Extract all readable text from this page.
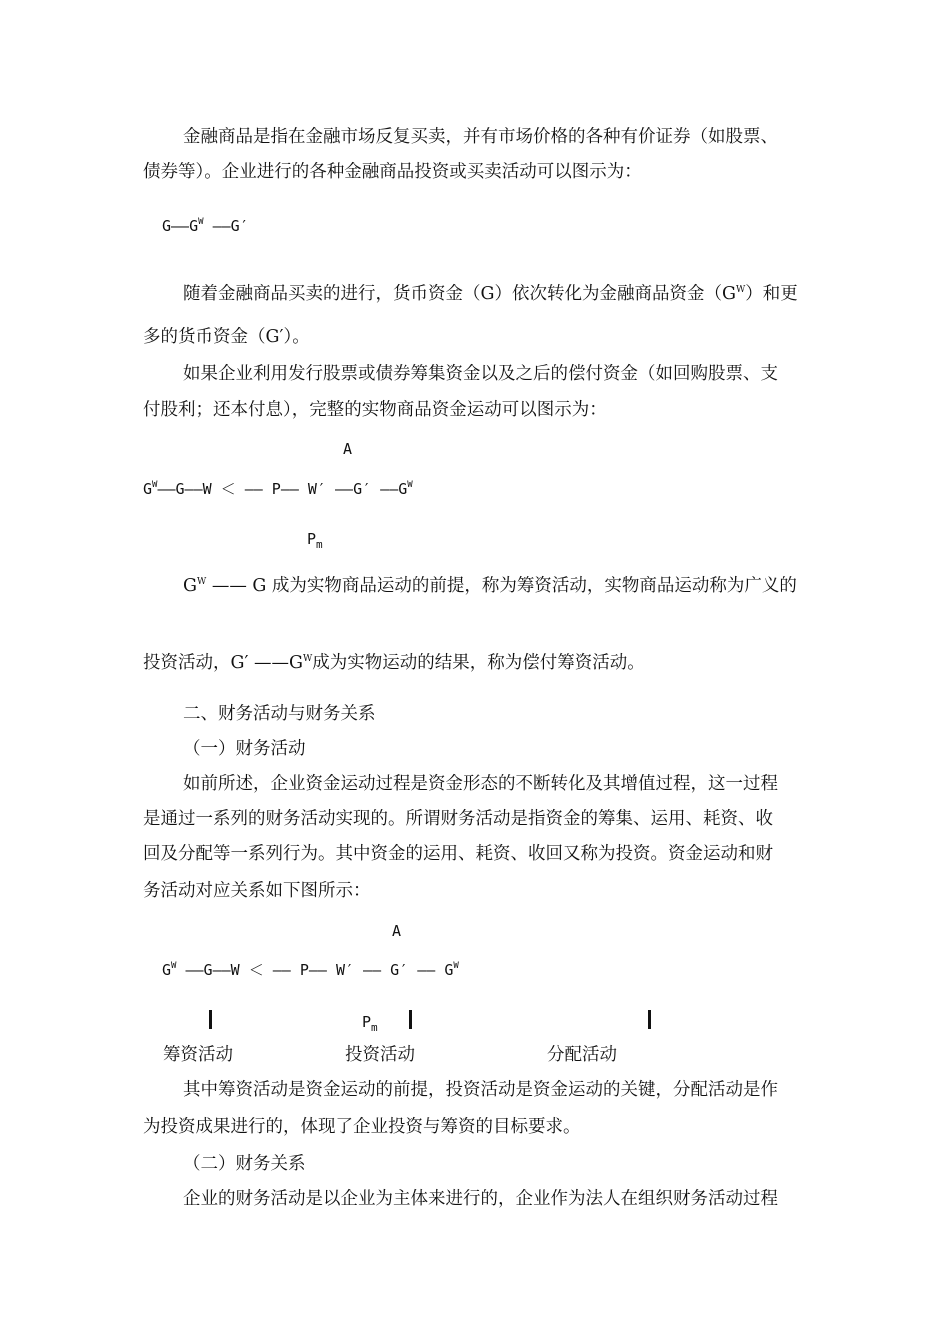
金融商品是指在金融市场反复买卖，并有市场价格的各种有价证券（如股票、
债券等）。企业进行的各种金融商品投资或买卖活动可以图示为：
$G——G^W$ ——G′
随着金融商品买卖的进行，货币资金（G）依次转化为金融商品资金$(G^W)$和更
多的货币资金（G′）。
如果企业利用发行股票或债券筹集资金以及之后的偿付资金（如回购股票、支
付股利；还本付息），完整的实物商品资金运动可以图示为：
A
$G^W——G——W$ ＜ —— P—— W′ ——G′ $——G^W$
$P_m$
$G^W$ —— G 成为实物商品运动的前提，称为筹资活动，实物商品运动称为广义的
投资活动，G′ $——G^W$成为实物运动的结果，称为偿付筹资活动。
二、财务活动与财务关系
（一）财务活动
如前所述，企业资金运动过程是资金形态的不断转化及其增值过程，这一过程
是通过一系列的财务活动实现的。所谓财务活动是指资金的筹集、运用、耗资、收
回及分配等一系列行为。其中资金的运用、耗资、收回又称为投资。资金运动和财
务活动对应关系如下图所示：
A
$G^W$ ——G——W ＜ —— P—— W′ —— G′ —— $G^W$
$P_m$
筹资活动	投资活动	分配活动
其中筹资活动是资金运动的前提，投资活动是资金运动的关键，分配活动是作
为投资成果进行的，体现了企业投资与筹资的目标要求。
（二）财务关系
企业的财务活动是以企业为主体来进行的，企业作为法人在组织财务活动过程
